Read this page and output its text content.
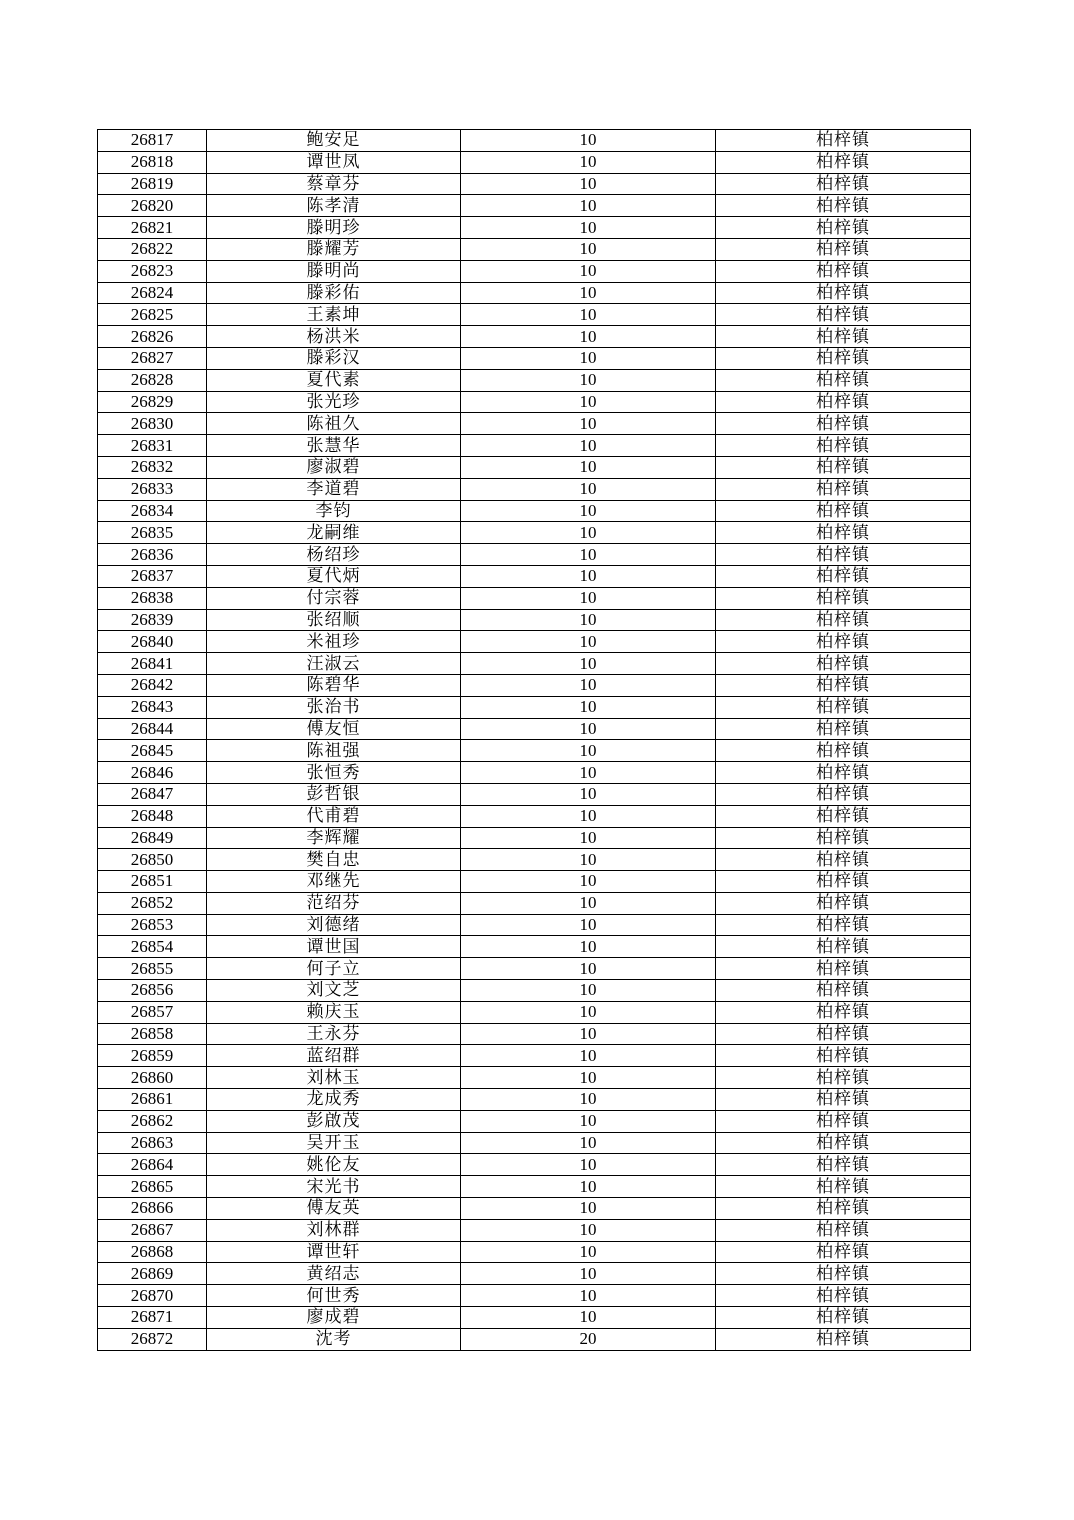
26817	鲍安足	10	柏梓镇
26818	谭世凤	10	柏梓镇
26819	蔡章芬	10	柏梓镇
26820	陈孝清	10	柏梓镇
26821	滕明珍	10	柏梓镇
26822	滕耀芳	10	柏梓镇
26823	滕明尚	10	柏梓镇
26824	滕彩佑	10	柏梓镇
26825	王素坤	10	柏梓镇
26826	杨洪米	10	柏梓镇
26827	滕彩汉	10	柏梓镇
26828	夏代素	10	柏梓镇
26829	张光珍	10	柏梓镇
26830	陈祖久	10	柏梓镇
26831	张慧华	10	柏梓镇
26832	廖淑碧	10	柏梓镇
26833	李道碧	10	柏梓镇
26834	李钧	10	柏梓镇
26835	龙嗣维	10	柏梓镇
26836	杨绍珍	10	柏梓镇
26837	夏代炳	10	柏梓镇
26838	付宗蓉	10	柏梓镇
26839	张绍顺	10	柏梓镇
26840	米祖珍	10	柏梓镇
26841	汪淑云	10	柏梓镇
26842	陈碧华	10	柏梓镇
26843	张治书	10	柏梓镇
26844	傅友恒	10	柏梓镇
26845	陈祖强	10	柏梓镇
26846	张恒秀	10	柏梓镇
26847	彭哲银	10	柏梓镇
26848	代甫碧	10	柏梓镇
26849	李辉耀	10	柏梓镇
26850	樊自忠	10	柏梓镇
26851	邓继先	10	柏梓镇
26852	范绍芬	10	柏梓镇
26853	刘德绪	10	柏梓镇
26854	谭世国	10	柏梓镇
26855	何子立	10	柏梓镇
26856	刘文芝	10	柏梓镇
26857	赖庆玉	10	柏梓镇
26858	王永芬	10	柏梓镇
26859	蓝绍群	10	柏梓镇
26860	刘林玉	10	柏梓镇
26861	龙成秀	10	柏梓镇
26862	彭啟茂	10	柏梓镇
26863	吴开玉	10	柏梓镇
26864	姚伦友	10	柏梓镇
26865	宋光书	10	柏梓镇
26866	傅友英	10	柏梓镇
26867	刘林群	10	柏梓镇
26868	谭世轩	10	柏梓镇
26869	黄绍志	10	柏梓镇
26870	何世秀	10	柏梓镇
26871	廖成碧	10	柏梓镇
26872	沈考	20	柏梓镇
